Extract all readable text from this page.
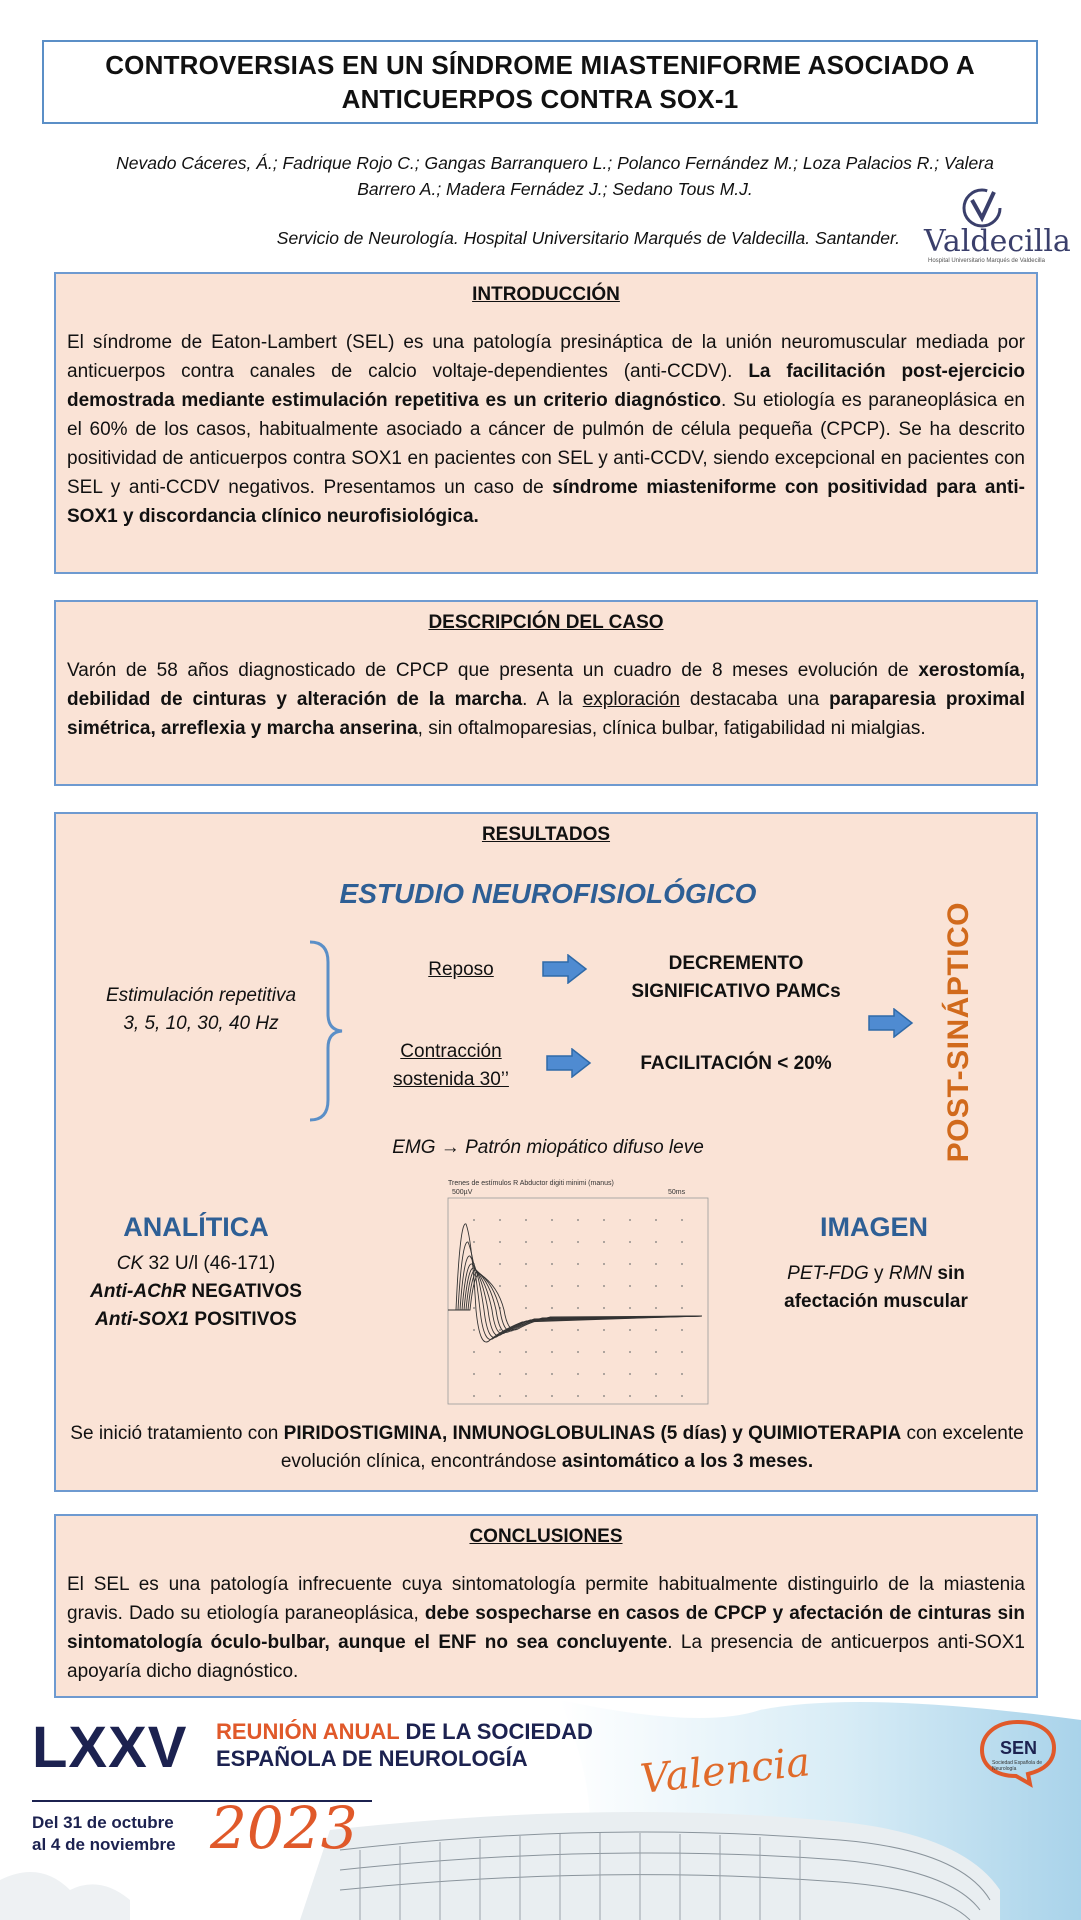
CONTROVERSIAS EN UN SÍNDROME MIASTENIFORME ASOCIADO A
ANTICUERPOS CONTRA SOX-1
Nevado Cáceres, Á.; Fadrique Rojo C.; Gangas Barranquero L.; Polanco Fernández M.; Loza Palacios R.; Valera
Barrero A.; Madera Fernádez J.; Sedano Tous M.J.
Servicio de Neurología. Hospital Universitario Marqués de Valdecilla. Santander. Valdecilla
Hospital Universitario Marqués de Valdecilla
INTRODUCCIÓN
El síndrome de Eaton-Lambert (SEL) es una patología presináptica de la unión neuromuscular mediada por anticuerpos contra canales de calcio voltaje-dependientes (anti-CCDV). La facilitación post-ejercicio demostrada mediante estimulación repetitiva es un criterio diagnóstico. Su etiología es paraneoplásica en el 60% de los casos, habitualmente asociado a cáncer de pulmón de célula pequeña (CPCP). Se ha descrito positividad de anticuerpos contra SOX1 en pacientes con SEL y anti-CCDV, siendo excepcional en pacientes con SEL y anti-CCDV negativos. Presentamos un caso de síndrome miasteniforme con positividad para anti-SOX1 y discordancia clínico neurofisiológica.
DESCRIPCIÓN DEL CASO
Varón de 58 años diagnosticado de CPCP que presenta un cuadro de 8 meses evolución de xerostomía, debilidad de cinturas y alteración de la marcha. A la exploración destacaba una paraparesia proximal simétrica, arreflexia y marcha anserina, sin oftalmoparesias, clínica bulbar, fatigabilidad ni mialgias.
RESULTADOS
ESTUDIO NEUROFISIOLÓGICO
Estimulación repetitiva
3, 5, 10, 30, 40 Hz
Reposo
Contracción
sostenida 30’’
DECREMENTO
SIGNIFICATIVO PAMCs
FACILITACIÓN < 20%	POST-SINÁPTICO
EMG → Patrón miopático difuso leve
Trenes de estímulos R Abductor digiti minimi (manus)
500µV	50ms
ANALÍTICA
CK 32 U/l (46-171)
Anti-AChR NEGATIVOS
Anti-SOX1 POSITIVOS
IMAGEN
PET-FDG y RMN sin
afectación muscular
Se inició tratamiento con PIRIDOSTIGMINA, INMUNOGLOBULINAS (5 días) y QUIMIOTERAPIA con excelente evolución clínica, encontrándose asintomático a los 3 meses.
CONCLUSIONES
El SEL es una patología infrecuente cuya sintomatología permite habitualmente distinguirlo de la miastenia gravis. Dado su etiología paraneoplásica, debe sospecharse en casos de CPCP y afectación de cinturas sin sintomatología óculo-bulbar, aunque el ENF no sea concluyente. La presencia de anticuerpos anti-SOX1 apoyaría dicho diagnóstico.
LXXV REUNIÓN ANUAL DE LA SOCIEDAD
ESPAÑOLA DE NEUROLOGÍA
Del 31 de octubre
al 4 de noviembre 2023
Valencia	SEN
Sociedad Española de Neurología
